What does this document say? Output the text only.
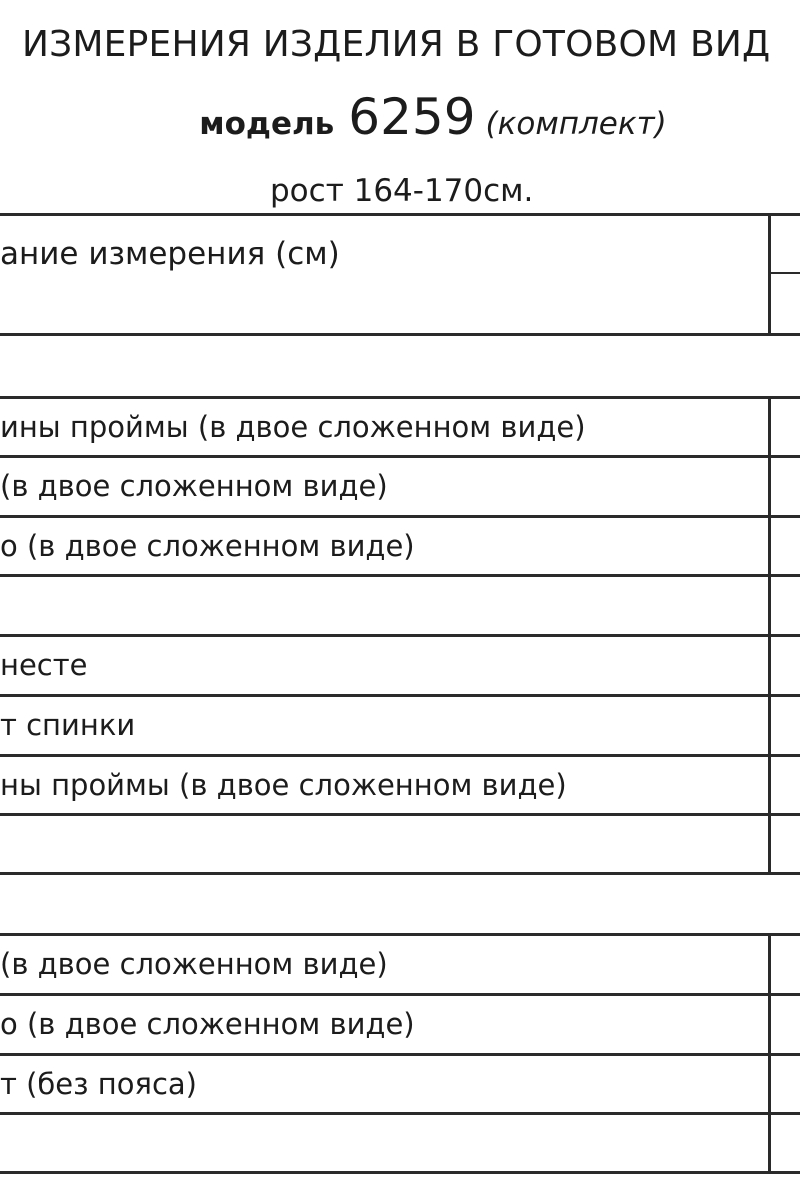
ИЗМЕРЕНИЯ ИЗДЕЛИЯ В ГОТОВОМ ВИД
модель 6259 (комплект)
рост 164-170см.
ание измерения (см)
ины проймы (в двое сложенном виде)
(в двое сложенном виде)
о (в двое сложенном виде)
нестe
т спинки
ны проймы (в двое сложенном виде)
(в двое сложенном виде)
о (в двое сложенном виде)
т (без пояса)
